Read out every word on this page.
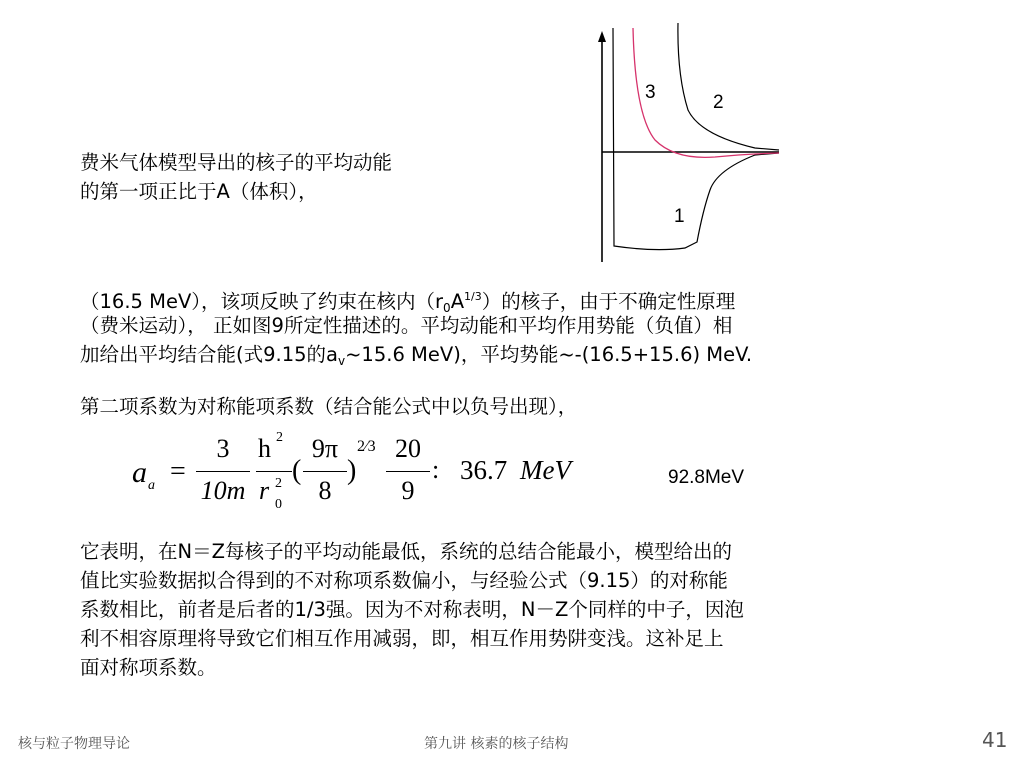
费米气体模型导出的核子的平均动能
的第一项正比于A（体积），
3	2
1
（16.5 MeV），该项反映了约束在核内$(r_0A^{1/3})$的核子，由于不确定性原理
（费米运动）， 正如图9所定性描述的。平均动能和平均作用势能（负值）相
加给出平均结合能(式9.15的$a_v\sim 15.6$ MeV)，平均势能~-(16.5+15.6) MeV.
第二项系数为对称能项系数（结合能公式中以负号出现），
a a =
3
10m
h 2
r 2
0
(
9π
8
)
2⁄3 20
9
: 36.7 MeV	92.8MeV
它表明，在N＝Z每核子的平均动能最低，系统的总结合能最小，模型给出的
值比实验数据拟合得到的不对称项系数偏小，与经验公式（9.15）的对称能
系数相比，前者是后者的1/3强。因为不对称表明，N－Z个同样的中子，因泡
利不相容原理将导致它们相互作用减弱，即，相互作用势阱变浅。这补足上
面对称项系数。
核与粒子物理导论	第九讲 核素的核子结构	41
